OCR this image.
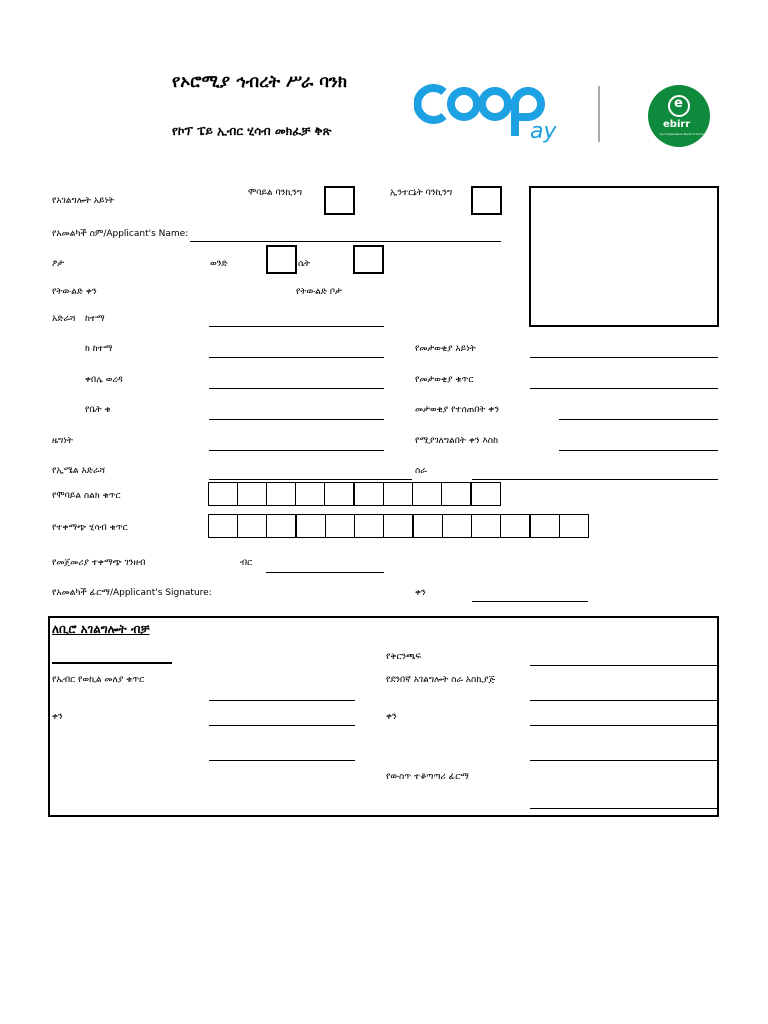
የኦሮሚያ ኅብረት ሥራ ባንክ
የኮፕ ፔይ ኢብር ሂሳብ መክፈቻ ቅጽ	ay
e
ebirr
by Cooperative Bank of Oromia
የአገልግሎት አይነት
ሞባይል ባንኪንግ	ኢንተርኔት ባንኪንግ
የአመልካች ስም/Applicant's Name:
ፆታ	ወንድ	ሴት
የትውልድ ቀን	የትውልድ ቦታ
አድራሻ ከተማ
ክ ከተማ	የመታወቂያ አይነት
ቀበሌ ወረዳ	የመታወቂያ ቁጥር
የቤት ቁ	መታወቂያ የተሰጠበት ቀን
ዜግነት	የሚያገለግልበት ቀን እስከ
የኢሜል አድራሻ	ስራ
የሞባይል ስልክ ቁጥር
የተቀማጭ ሂሳብ ቁጥር
የመጀመሪያ ተቀማጭ ገንዘብ	ብር
የአመልካች ፊርማ/Applicant's Signature:	ቀን
ለቢሮ አገልግሎት ብቻ
የቅርንጫፍ
የኤብር የወኪል መለያ ቁጥር	የደንበኛ አገልግሎት ስራ አስኪያጅ
ቀን	ቀን
የውስጥ ተቆጣጣሪ ፊርማ
